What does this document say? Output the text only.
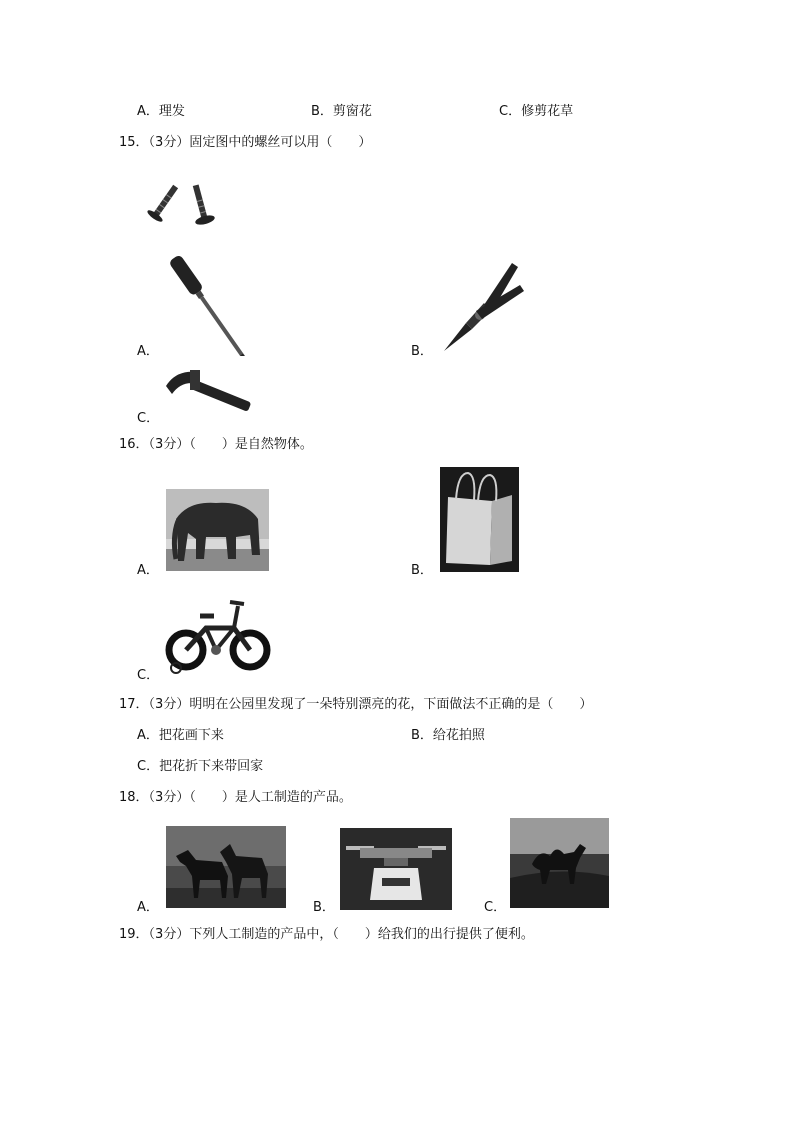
A．理发	B．剪窗花	C．修剪花草
15．（3分）固定图中的螺丝可以用（　　）
A．	B．
C．
16．（3分）（　　）是自然物体。
A．	B．
C．
17．（3分）明明在公园里发现了一朵特别漂亮的花，下面做法不正确的是（　　）
A．把花画下来	B．给花拍照
C．把花折下来带回家
18．（3分）（　　）是人工制造的产品。
A．	B．	C．
19．（3分）下列人工制造的产品中，（　　）给我们的出行提供了便利。
